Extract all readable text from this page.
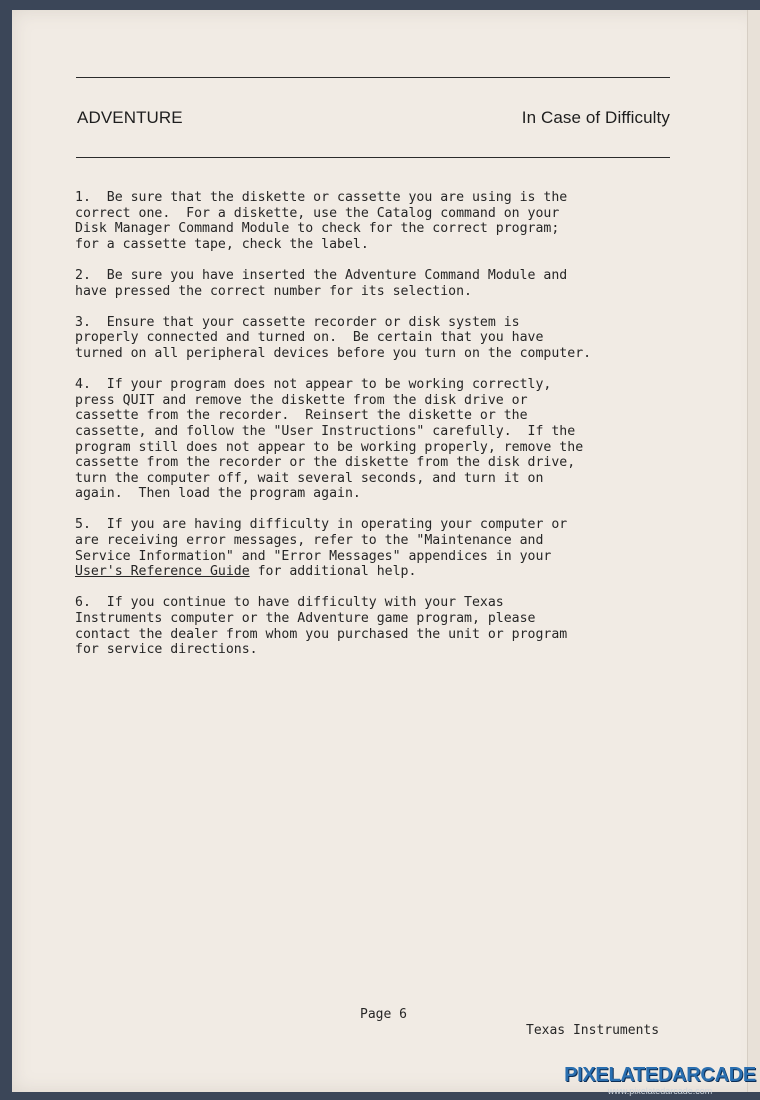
ADVENTURE	In Case of Difficulty
1.  Be sure that the diskette or cassette you are using is the
correct one.  For a diskette, use the Catalog command on your
Disk Manager Command Module to check for the correct program;
for a cassette tape, check the label.
2.  Be sure you have inserted the Adventure Command Module and
have pressed the correct number for its selection.
3.  Ensure that your cassette recorder or disk system is
properly connected and turned on.  Be certain that you have
turned on all peripheral devices before you turn on the computer.
4.  If your program does not appear to be working correctly,
press QUIT and remove the diskette from the disk drive or
cassette from the recorder.  Reinsert the diskette or the
cassette, and follow the "User Instructions" carefully.  If the
program still does not appear to be working properly, remove the
cassette from the recorder or the diskette from the disk drive,
turn the computer off, wait several seconds, and turn it on
again.  Then load the program again.
5.  If you are having difficulty in operating your computer or
are receiving error messages, refer to the "Maintenance and
Service Information" and "Error Messages" appendices in your
User's Reference Guide for additional help.
6.  If you continue to have difficulty with your Texas
Instruments computer or the Adventure game program, please
contact the dealer from whom you purchased the unit or program
for service directions.
Page 6
Texas Instruments
PIXELATEDARCADE
www.pixelatedarcade.com
